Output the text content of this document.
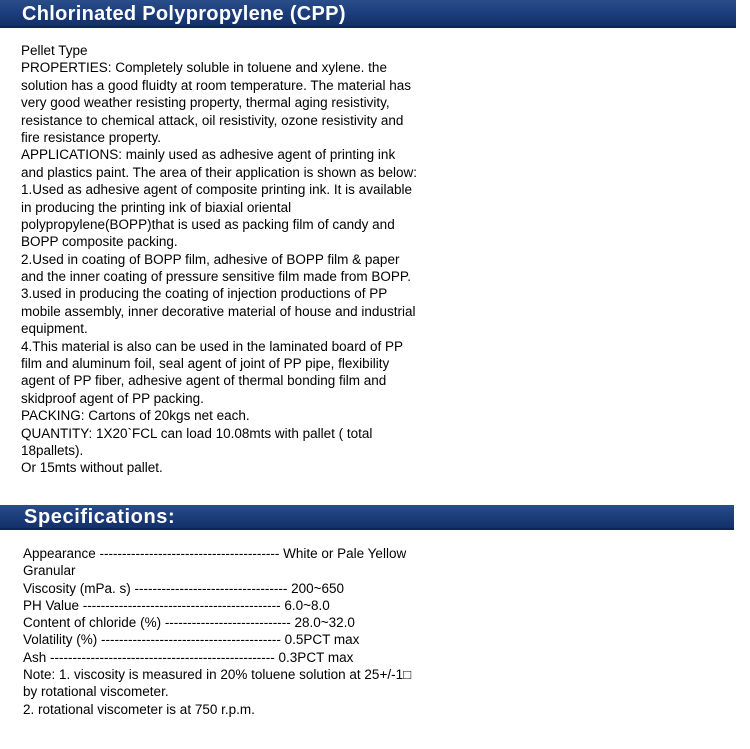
Chlorinated Polypropylene (CPP)
Pellet Type
PROPERTIES: Completely soluble in toluene and xylene. the
solution has a good fluidty at room temperature. The material has
very good weather resisting property, thermal aging resistivity,
resistance to chemical attack, oil resistivity, ozone resistivity and
fire resistance property.
APPLICATIONS: mainly used as adhesive agent of printing ink
and plastics paint. The area of their application is shown as below:
1.Used as adhesive agent of composite printing ink. It is available
in producing the printing ink of biaxial oriental
polypropylene(BOPP)that is used as packing film of candy and
BOPP composite packing.
2.Used in coating of BOPP film, adhesive of BOPP film & paper
and the inner coating of pressure sensitive film made from BOPP.
3.used in producing the coating of injection productions of PP
mobile assembly, inner decorative material of house and industrial
equipment.
4.This material is also can be used in the laminated board of PP
film and aluminum foil, seal agent of joint of PP pipe, flexibility
agent of PP fiber, adhesive agent of thermal bonding film and
skidproof agent of PP packing.
PACKING: Cartons of 20kgs net each.
QUANTITY: 1X20`FCL can load 10.08mts with pallet ( total
18pallets).
Or 15mts without pallet.
Specifications:
Appearance ---------------------------------------- White or Pale Yellow
Granular
Viscosity (mPa. s) ---------------------------------- 200~650
PH Value -------------------------------------------- 6.0~8.0
Content of chloride (%) ---------------------------- 28.0~32.0
Volatility (%) ---------------------------------------- 0.5PCT max
Ash -------------------------------------------------- 0.3PCT max
Note: 1. viscosity is measured in 20% toluene solution at 25+/-1□
by rotational viscometer.
2. rotational viscometer is at 750 r.p.m.
